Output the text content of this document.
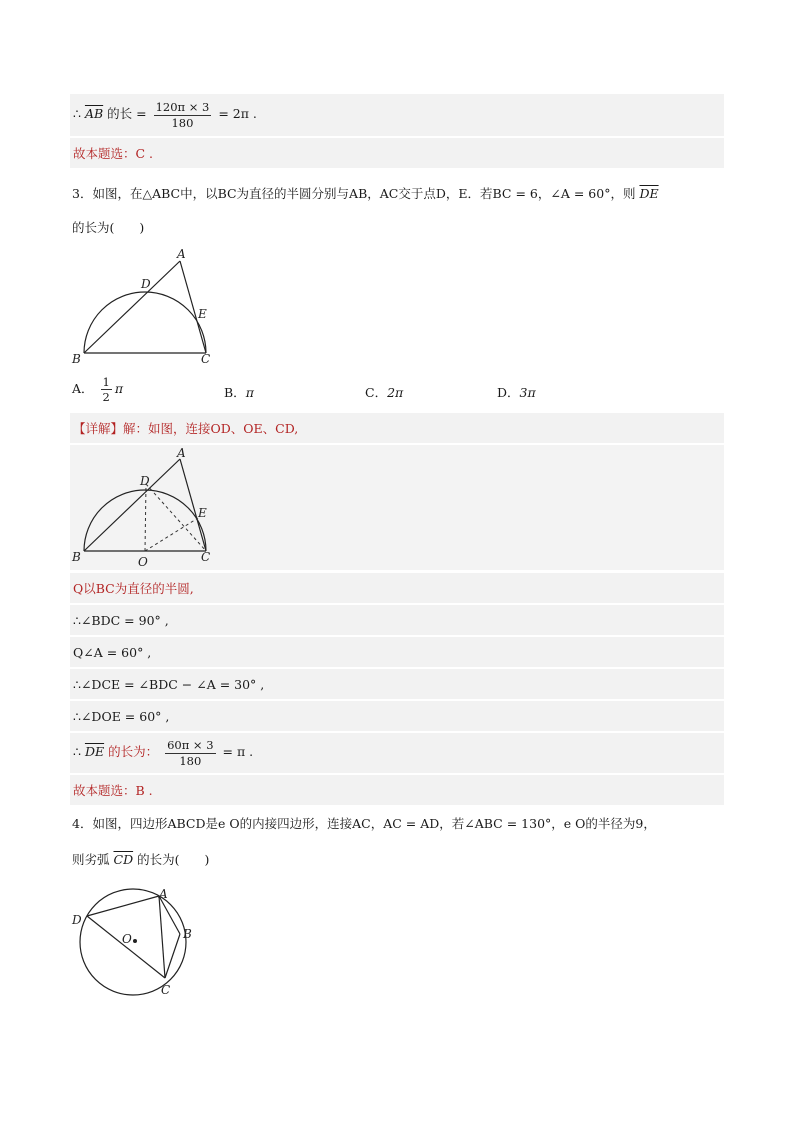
∴ $\overline{AB}$ 的长 = $\frac{120\pi \times 3}{180} = 2\pi$ .
故本题选：C .
3．如图，在△ABC中，以BC为直径的半圆分别与AB，AC交于点D，E．若BC = 6，∠A = 60°，则 $\overline{DE}$
的长为(　　)
A
B	C
D
E
A． $\frac{1}{2}$ π	B．π	C．2π	D．3π
【详解】解：如图，连接OD、OE、CD,
A
B	C
D
E
O
Q以BC为直径的半圆,
∴∠BDC = 90° ,
Q∠A = 60° ,
∴∠DCE = ∠BDC − ∠A = 30° ,
∴∠DOE = 60° ,
∴ $\overline{DE}$ 的长为： $\frac{60\pi \times 3}{180} = \pi$ .
故本题选：B .
4．如图，四边形ABCD是e O的内接四边形，连接AC，AC = AD，若∠ABC = 130°，e O的半径为9，
则劣弧 $\overline{CD}$ 的长为(　　)
A
B
C
D
O
